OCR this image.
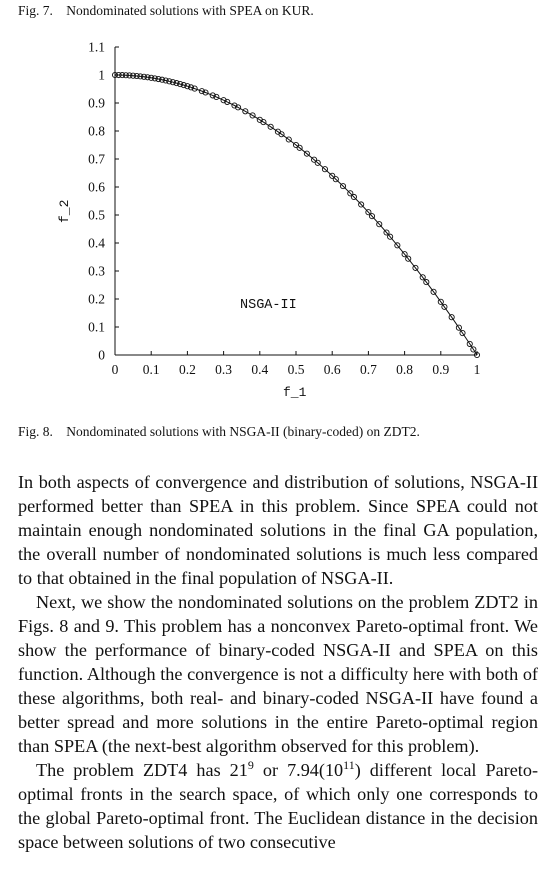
Fig. 7. Nondominated solutions with SPEA on KUR.
0 0.1 0.2 0.3 0.4 0.5 0.6 0.7 0.8 0.9 1
0
0.1
0.2
0.3
0.4
0.5
0.6
0.7
0.8
0.9
1
1.1
NSGA-II
f_1
f_2
Fig. 8. Nondominated solutions with NSGA-II (binary-coded) on ZDT2.

In both aspects of convergence and distribution of solutions, NSGA-II performed better than SPEA in this problem. Since SPEA could not maintain enough nondominated solutions in the final GA population, the overall number of nondominated solutions is much less compared to that obtained in the final population of NSGA-II.

Next, we show the nondominated solutions on the problem ZDT2 in Figs. 8 and 9. This problem has a nonconvex Pareto-optimal front. We show the performance of binary-coded NSGA-II and SPEA on this function. Although the convergence is not a difficulty here with both of these algorithms, both real- and binary-coded NSGA-II have found a better spread and more solutions in the entire Pareto-optimal region than SPEA (the next-best algorithm observed for this problem).

The problem ZDT4 has $21^9$ or $7.94(10^{11})$ different local Pareto-optimal fronts in the search space, of which only one corresponds to the global Pareto-optimal front. The Euclidean distance in the decision space between solutions of two consecutive
